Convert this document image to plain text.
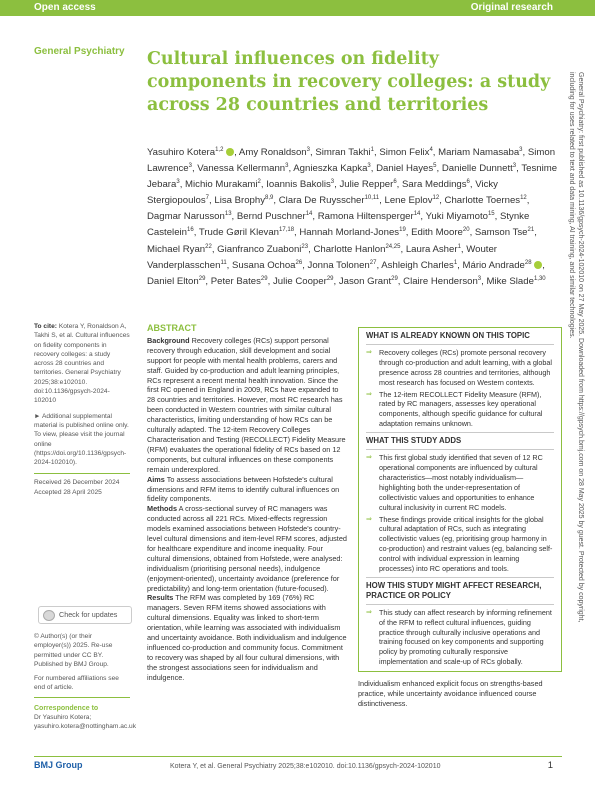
Open access	Original research
General Psychiatry Cultural influences on fidelity components in recovery colleges: a study across 28 countries and territories
Yasuhiro Kotera$^{1,2}$ , Amy Ronaldson$^3$, Simran Takhi$^1$, Simon Felix$^4$, Mariam Namasaba$^3$, Simon Lawrence$^3$, Vanessa Kellermann$^3$, Agnieszka Kapka$^3$, Daniel Hayes$^5$, Danielle Dunnett$^3$, Tesnime Jebara$^3$, Michio Murakami$^2$, Ioannis Bakolis$^3$, Julie Repper$^6$, Sara Meddings$^6$, Vicky Stergiopoulos$^7$, Lisa Brophy$^{8,9}$, Clara De Ruysscher$^{10,11}$, Lene Eplov$^{12}$, Charlotte Toernes$^{12}$, Dagmar Narusson$^{13}$, Bernd Puschner$^{14}$, Ramona Hiltensperger$^{14}$, Yuki Miyamoto$^{15}$, Stynke Castelein$^{16}$, Trude Gøril Klevan$^{17,18}$, Hannah Morland-Jones$^{19}$, Edith Moore$^{20}$, Samson Tse$^{21}$, Michael Ryan$^{22}$, Gianfranco Zuaboni$^{23}$, Charlotte Hanlon$^{24,25}$, Laura Asher$^1$, Wouter Vanderplasschen$^{11}$, Susana Ochoa$^{26}$, Jonna Tolonen$^{27}$, Ashleigh Charles$^1$, Mário Andrade$^{28}$ , Daniel Elton$^{29}$, Peter Bates$^{29}$, Julie Cooper$^{29}$, Jason Grant$^{29}$, Claire Henderson$^3$, Mike Slade$^{1,30}$	General Psychiatry: first published as 10.1136/gpsych-2024-102010 on 27 May 2025. Downloaded from https://gpsych.bmj.com on 28 May 2025 by guest. Protected by copyright, including for uses related to text and data mining, AI training, and similar technologies.
To cite: Kotera Y, Ronaldson A, Takhi S, et al. Cultural influences on fidelity components in recovery colleges: a study across 28 countries and territories. General Psychiatry 2025;38:e102010. doi:10.1136/gpsych-2024-102010
► Additional supplemental material is published online only. To view, please visit the journal online (https://doi.org/10.1136/gpsych-2024-102010).
Received 26 December 2024
Accepted 28 April 2025
Check for updates
© Author(s) (or their employer(s)) 2025. Re-use permitted under CC BY. Published by BMJ Group.
For numbered affiliations see end of article.
Correspondence to
Dr Yasuhiro Kotera; yasuhiro.kotera@nottingham.ac.uk
ABSTRACT

Background Recovery colleges (RCs) support personal recovery through education, skill development and social support for people with mental health problems, carers and staff. Guided by co-production and adult learning principles, RCs represent a recent mental health innovation. Since the first RC opened in England in 2009, RCs have expanded to 28 countries and territories. However, most RC research has been conducted in Western countries with similar cultural characteristics, limiting understanding of how RCs can be culturally adapted. The 12-item Recovery Colleges Characterisation and Testing (RECOLLECT) Fidelity Measure (RFM) evaluates the operational fidelity of RCs based on 12 components, but cultural influences on these components remain underexplored.

Aims To assess associations between Hofstede's cultural dimensions and RFM items to identify cultural influences on fidelity components.

Methods A cross-sectional survey of RC managers was conducted across all 221 RCs. Mixed-effects regression models examined associations between Hofstede's country-level cultural dimensions and item-level RFM scores, adjusted for healthcare expenditure and income inequality. Four cultural dimensions, obtained from Hofstede, were analysed: individualism (prioritising personal needs), indulgence (enjoyment-oriented), uncertainty avoidance (preference for predictability) and long-term orientation (future-focused).

Results The RFM was completed by 169 (76%) RC managers. Seven RFM items showed associations with cultural dimensions. Equality was linked to short-term orientation, while learning was associated with individualism and uncertainty avoidance. Both individualism and indulgence influenced co-production and community focus. Commitment to recovery was shaped by all four cultural dimensions, with the strongest associations seen for individualism and indulgence.

WHAT IS ALREADY KNOWN ON THIS TOPIC
⇒ Recovery colleges (RCs) promote personal recovery through co-production and adult learning, with a global presence across 28 countries and territories, although most research has focused on Western contexts.
⇒ The 12-item RECOLLECT Fidelity Measure (RFM), rated by RC managers, assesses key operational components, although specific guidance for cultural adaptation remains unknown.
WHAT THIS STUDY ADDS
⇒ This first global study identified that seven of 12 RC operational components are influenced by cultural characteristics—most notably individualism—highlighting both the under-representation of collectivistic values and opportunities to enhance cultural inclusivity in current RC models.
⇒ These findings provide critical insights for the global cultural adaptation of RCs, such as integrating collectivistic values (eg, prioritising group harmony in co-production) and restraint values (eg, balancing self-control with individual expression in learning processes) into RC operations and tools.
HOW THIS STUDY MIGHT AFFECT RESEARCH, PRACTICE OR POLICY
⇒ This study can affect research by informing refinement of the RFM to reflect cultural influences, guiding practice through culturally inclusive operations and training focused on key components and supporting policy by promoting culturally responsive implementation and scale-up of RCs globally.
Individualism enhanced explicit focus on strengths-based practice, while uncertainty avoidance influenced course distinctiveness.
BMJ Group	Kotera Y, et al. General Psychiatry 2025;38:e102010. doi:10.1136/gpsych-2024-102010	1
